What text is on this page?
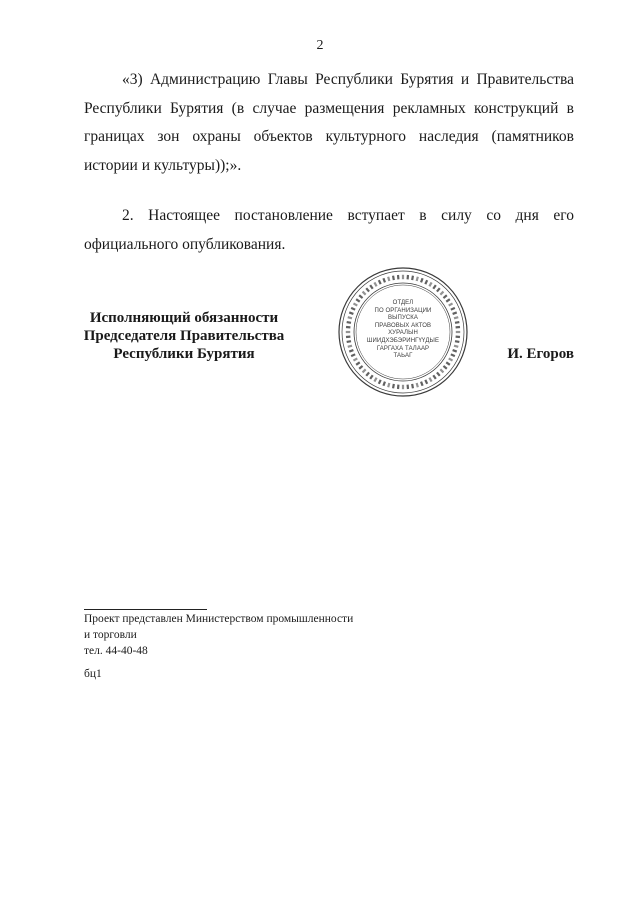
2

«3) Администрацию Главы Республики Бурятия и Правительства Республики Бурятия (в случае размещения рекламных конструкций в границах зон охраны объектов культурного наследия (памятников истории и культуры));».

2. Настоящее постановление вступает в силу со дня его официального опубликования.

Исполняющий обязанности
Председателя Правительства
Республики Бурятия
ОТДЕЛ
ПО ОРГАНИЗАЦИИ
ВЫПУСКА
ПРАВОВЫХ АКТОВ
ХУРАЛЫН
ШИИДХЭБЭРИНГҮҮДЫЕ
ГАРГАХА ТАЛААР
ТАЬАГ	И. Егоров
Проект представлен Министерством промышленности
и торговли
тел. 44-40-48
бц1
